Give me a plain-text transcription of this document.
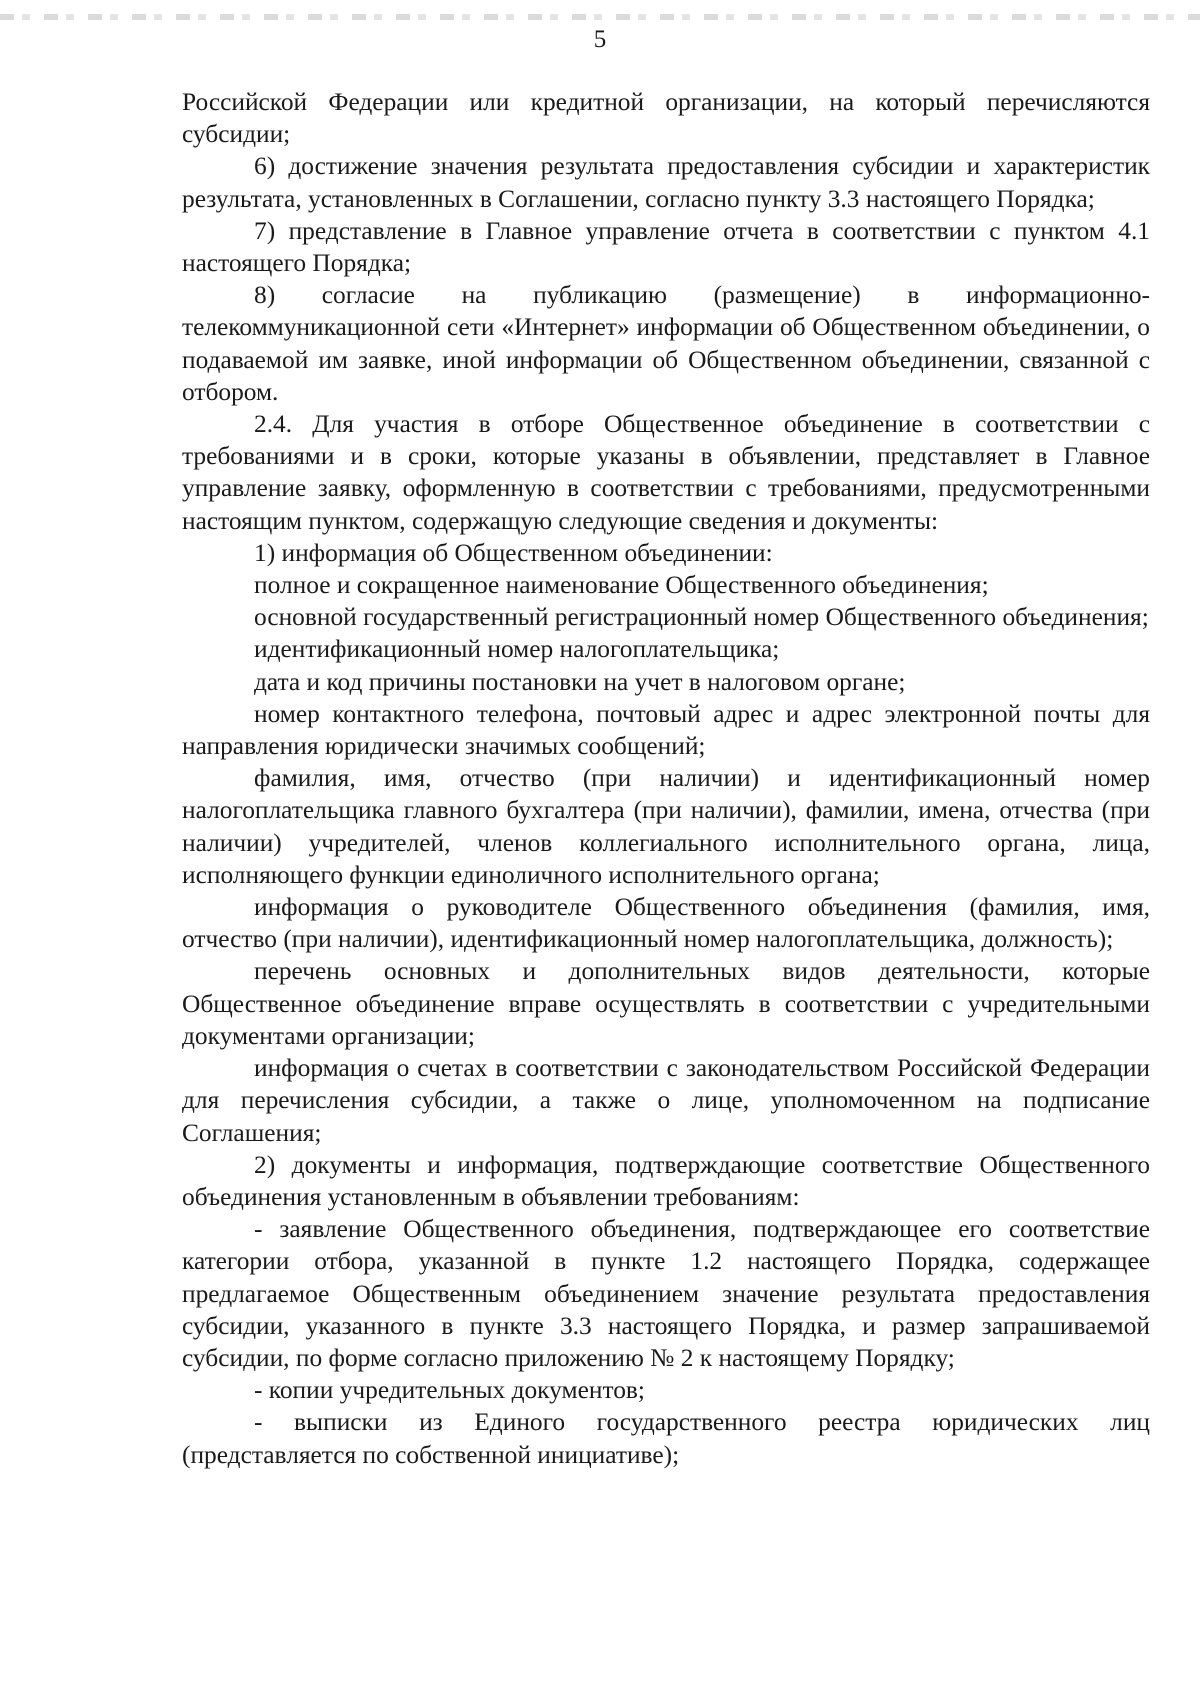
5

Российской Федерации или кредитной организации, на который перечисляются субсидии;

6) достижение значения результата предоставления субсидии и характеристик результата, установленных в Соглашении, согласно пункту 3.3 настоящего Порядка;

7) представление в Главное управление отчета в соответствии с пунктом 4.1 настоящего Порядка;

8) согласие на публикацию (размещение) в информационно-телекоммуникационной сети «Интернет» информации об Общественном объединении, о подаваемой им заявке, иной информации об Общественном объединении, связанной с отбором.

2.4. Для участия в отборе Общественное объединение в соответствии с требованиями и в сроки, которые указаны в объявлении, представляет в Главное управление заявку, оформленную в соответствии с требованиями, предусмотренными настоящим пунктом, содержащую следующие сведения и документы:

1) информация об Общественном объединении:

полное и сокращенное наименование Общественного объединения;

основной государственный регистрационный номер Общественного объединения;

идентификационный номер налогоплательщика;

дата и код причины постановки на учет в налоговом органе;

номер контактного телефона, почтовый адрес и адрес электронной почты для направления юридически значимых сообщений;

фамилия, имя, отчество (при наличии) и идентификационный номер налогоплательщика главного бухгалтера (при наличии), фамилии, имена, отчества (при наличии) учредителей, членов коллегиального исполнительного органа, лица, исполняющего функции единоличного исполнительного органа;

информация о руководителе Общественного объединения (фамилия, имя, отчество (при наличии), идентификационный номер налогоплательщика, должность);

перечень основных и дополнительных видов деятельности, которые Общественное объединение вправе осуществлять в соответствии с учредительными документами организации;

информация о счетах в соответствии с законодательством Российской Федерации для перечисления субсидии, а также о лице, уполномоченном на подписание Соглашения;

2) документы и информация, подтверждающие соответствие Общественного объединения установленным в объявлении требованиям:

- заявление Общественного объединения, подтверждающее его соответствие категории отбора, указанной в пункте 1.2 настоящего Порядка, содержащее предлагаемое Общественным объединением значение результата предоставления субсидии, указанного в пункте 3.3 настоящего Порядка, и размер запрашиваемой субсидии, по форме согласно приложению № 2 к настоящему Порядку;

- копии учредительных документов;

- выписки из Единого государственного реестра юридических лиц (представляется по собственной инициативе);
